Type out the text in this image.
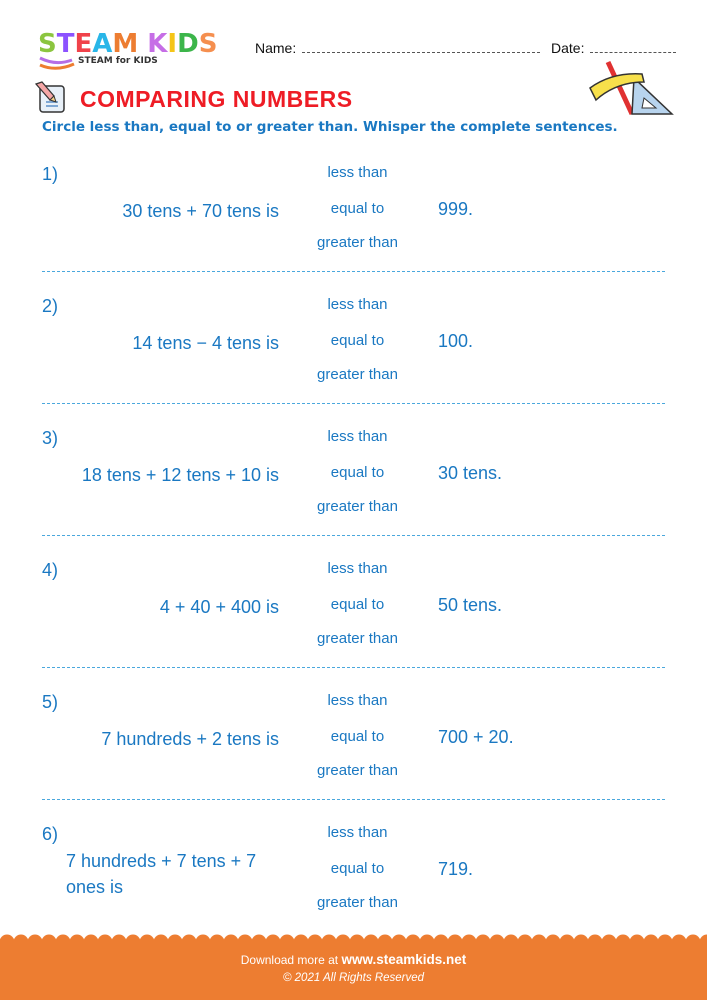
STEAM KIDS
STEAM for KIDS
Name:	Date:
COMPARING NUMBERS
Circle less than, equal to or greater than. Whisper the complete sentences.
1)
30 tens + 70 tens is
less than
equal to
greater than
999.
2)
14 tens − 4 tens is
less than
equal to
greater than
100.
3)
18 tens + 12 tens + 10 is
less than
equal to
greater than
30 tens.
4)
4 + 40 + 400 is
less than
equal to
greater than
50 tens.
5)
7 hundreds + 2 tens is
less than
equal to
greater than
700 + 20.
6)
7 hundreds + 7 tens + 7 ones is
less than
equal to
greater than
719.
Download more at www.steamkids.net
© 2021 All Rights Reserved
